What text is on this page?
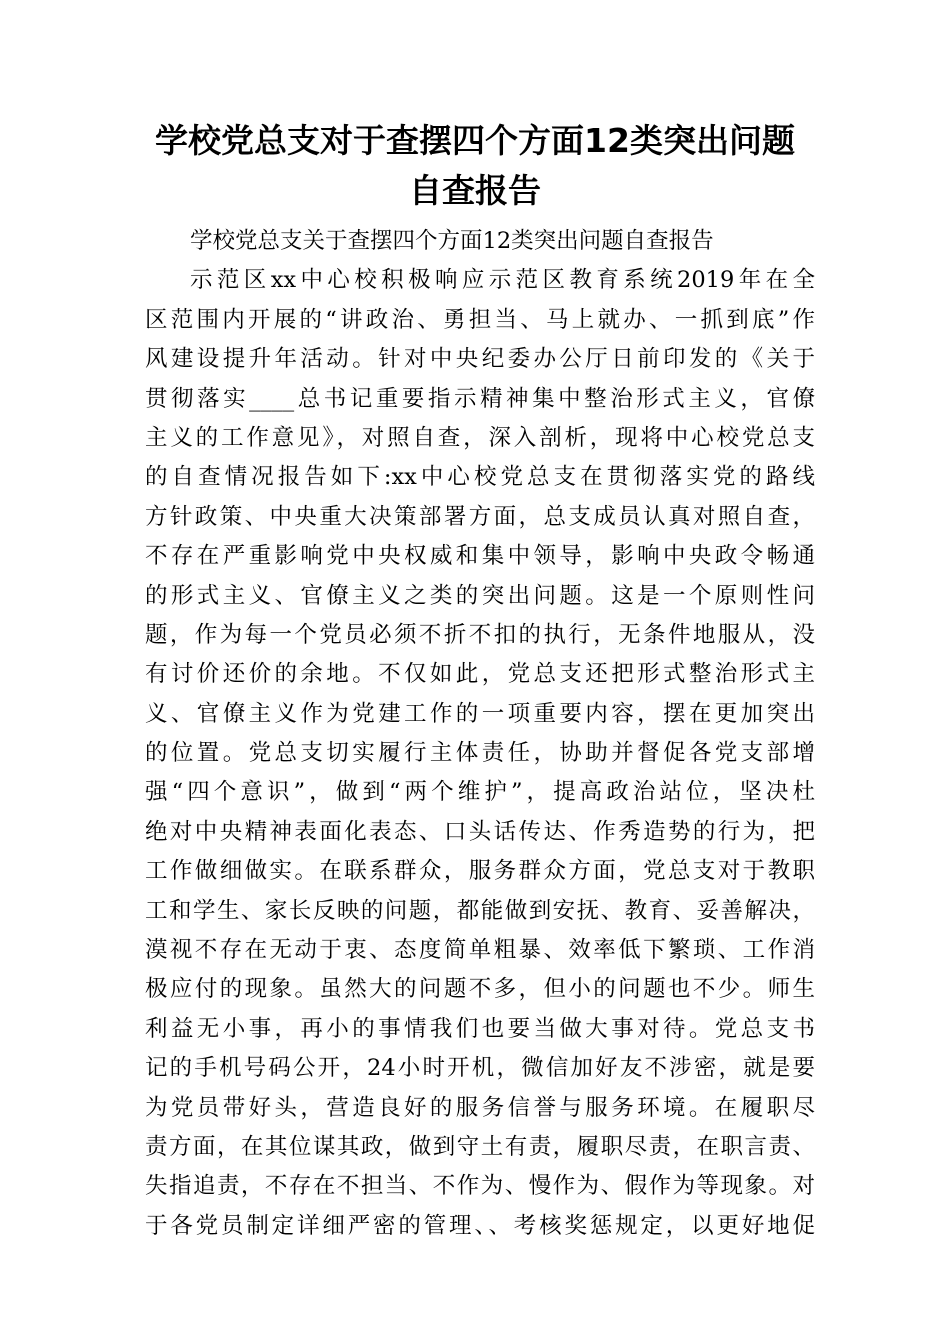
学校党总支对于查摆四个方面12类突出问题
自查报告
学校党总支关于查摆四个方面12类突出问题自查报告
示范区xx中心校积极响应示范区教育系统2019年在全
区范围内开展的“讲政治、勇担当、马上就办、一抓到底”作
风建设提升年活动。针对中央纪委办公厅日前印发的《关于
贯彻落实____总书记重要指示精神集中整治形式主义，官僚
主义的工作意见》，对照自查，深入剖析，现将中心校党总支
的自查情况报告如下:xx中心校党总支在贯彻落实党的路线
方针政策、中央重大决策部署方面，总支成员认真对照自查，
不存在严重影响党中央权威和集中领导，影响中央政令畅通
的形式主义、官僚主义之类的突出问题。这是一个原则性问
题，作为每一个党员必须不折不扣的执行，无条件地服从，没
有讨价还价的余地。不仅如此，党总支还把形式整治形式主
义、官僚主义作为党建工作的一项重要内容，摆在更加突出
的位置。党总支切实履行主体责任，协助并督促各党支部增
强“四个意识”，做到“两个维护”，提高政治站位，坚决杜
绝对中央精神表面化表态、口头话传达、作秀造势的行为，把
工作做细做实。在联系群众，服务群众方面，党总支对于教职
工和学生、家长反映的问题，都能做到安抚、教育、妥善解决，
漠视不存在无动于衷、态度简单粗暴、效率低下繁琐、工作消
极应付的现象。虽然大的问题不多，但小的问题也不少。师生
利益无小事，再小的事情我们也要当做大事对待。党总支书
记的手机号码公开，24小时开机，微信加好友不涉密，就是要
为党员带好头，营造良好的服务信誉与服务环境。在履职尽
责方面，在其位谋其政，做到守土有责，履职尽责，在职言责、
失指追责，不存在不担当、不作为、慢作为、假作为等现象。对
于各党员制定详细严密的管理、、考核奖惩规定，以更好地促
